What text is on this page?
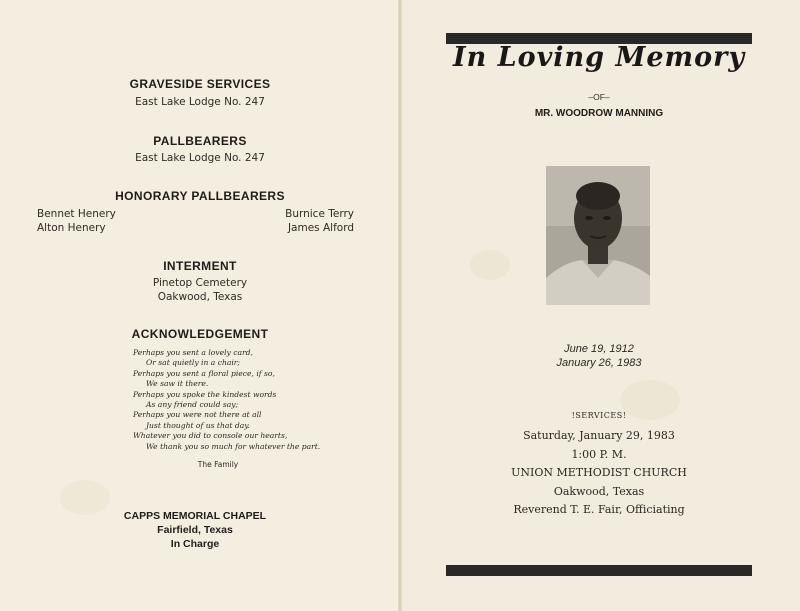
GRAVESIDE SERVICES
East Lake Lodge No. 247
PALLBEARERS
East Lake Lodge No. 247
HONORARY PALLBEARERS
Bennet Henery
Alton Henery
Burnice Terry
James Alford
INTERMENT
Pinetop Cemetery
Oakwood, Texas
ACKNOWLEDGEMENT
Perhaps you sent a lovely card,
Or sat quietly in a chair;
Perhaps you sent a floral piece, if so,
We saw it there.
Perhaps you spoke the kindest words
As any friend could say;
Perhaps you were not there at all
Just thought of us that day.
Whatever you did to console our hearts,
We thank you so much for whatever the part.
The Family
CAPPS MEMORIAL CHAPEL
Fairfield, Texas
In Charge
In Loving Memory
–OF–
MR. WOODROW MANNING
June 19, 1912
January 26, 1983
!SERVICES!
Saturday, January 29, 1983
1:00 P. M.
UNION METHODIST CHURCH
Oakwood, Texas
Reverend T. E. Fair, Officiating
